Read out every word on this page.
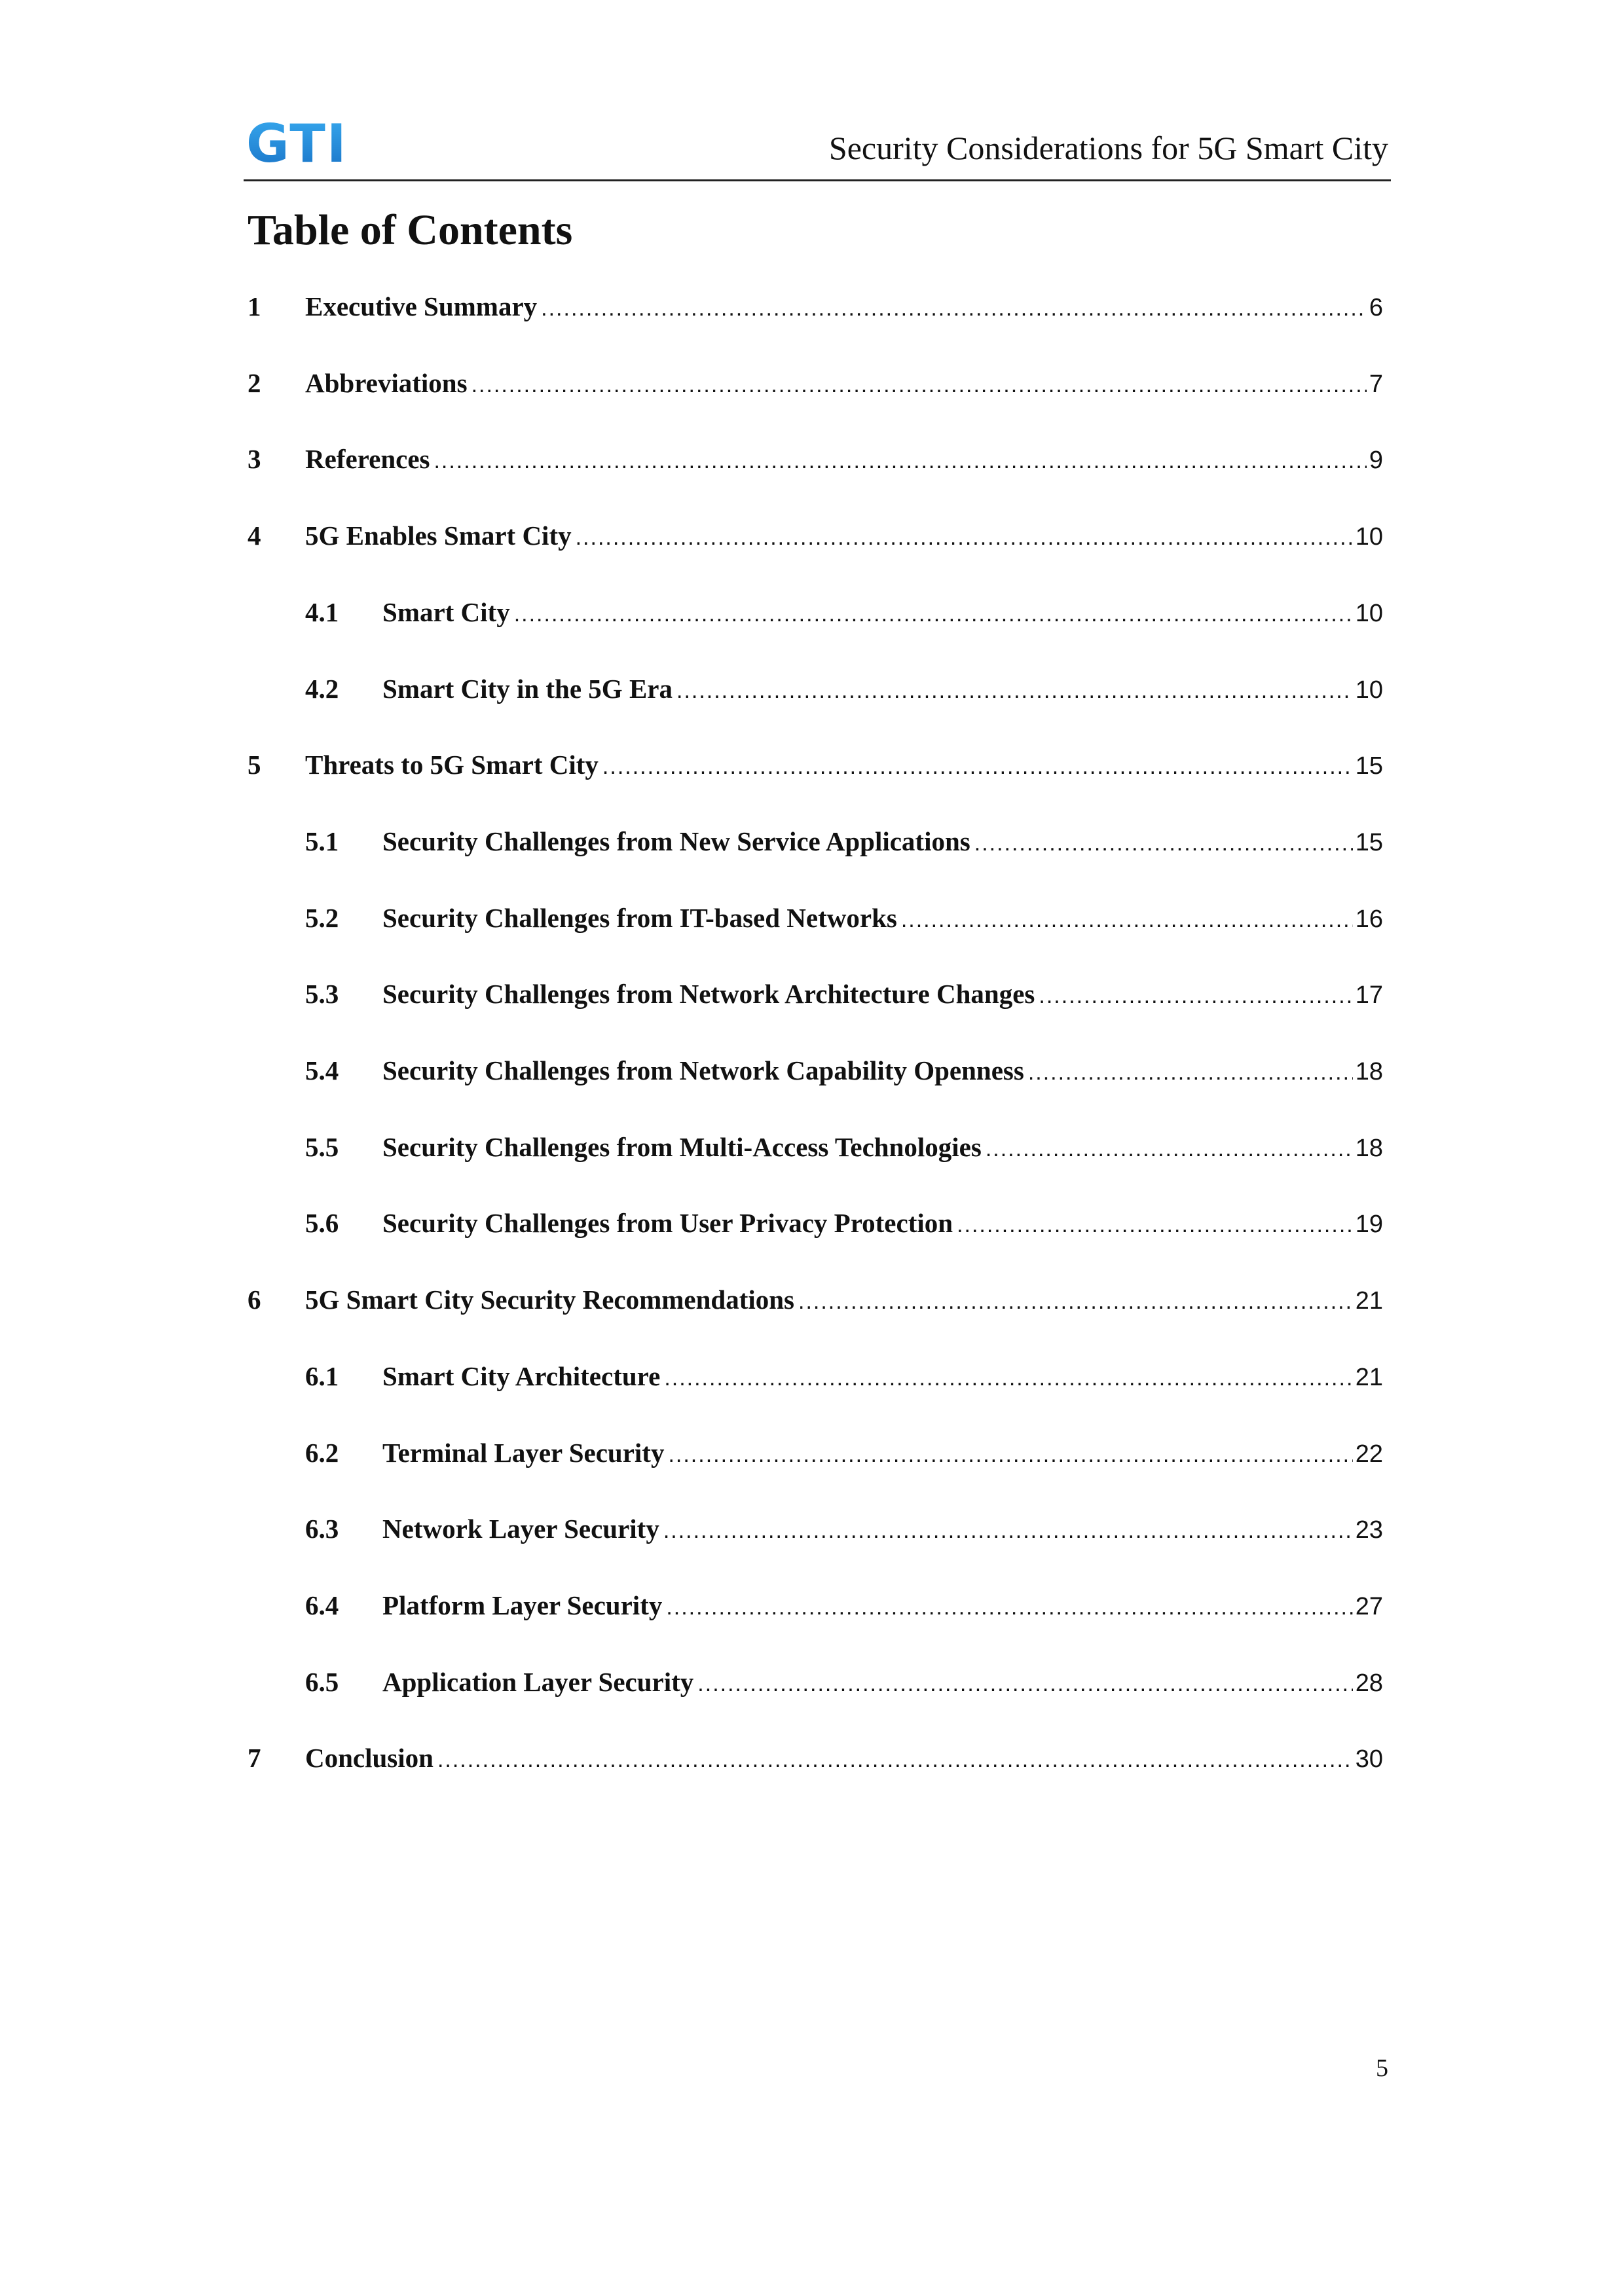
GTI	Security Considerations for 5G Smart City
Table of Contents
1	Executive Summary .....	6
2	Abbreviations .....	7
3	References .....	9
4	5G Enables Smart City .....	10
4.1	Smart City .....	10
4.2	Smart City in the 5G Era .....	10
5	Threats to 5G Smart City .....	15
5.1	Security Challenges from New Service Applications .....	15
5.2	Security Challenges from IT-based Networks .....	16
5.3	Security Challenges from Network Architecture Changes .....	17
5.4	Security Challenges from Network Capability Openness .....	18
5.5	Security Challenges from Multi-Access Technologies .....	18
5.6	Security Challenges from User Privacy Protection .....	19
6	5G Smart City Security Recommendations .....	21
6.1	Smart City Architecture .....	21
6.2	Terminal Layer Security .....	22
6.3	Network Layer Security .....	23
6.4	Platform Layer Security .....	27
6.5	Application Layer Security .....	28
7	Conclusion .....	30
5
